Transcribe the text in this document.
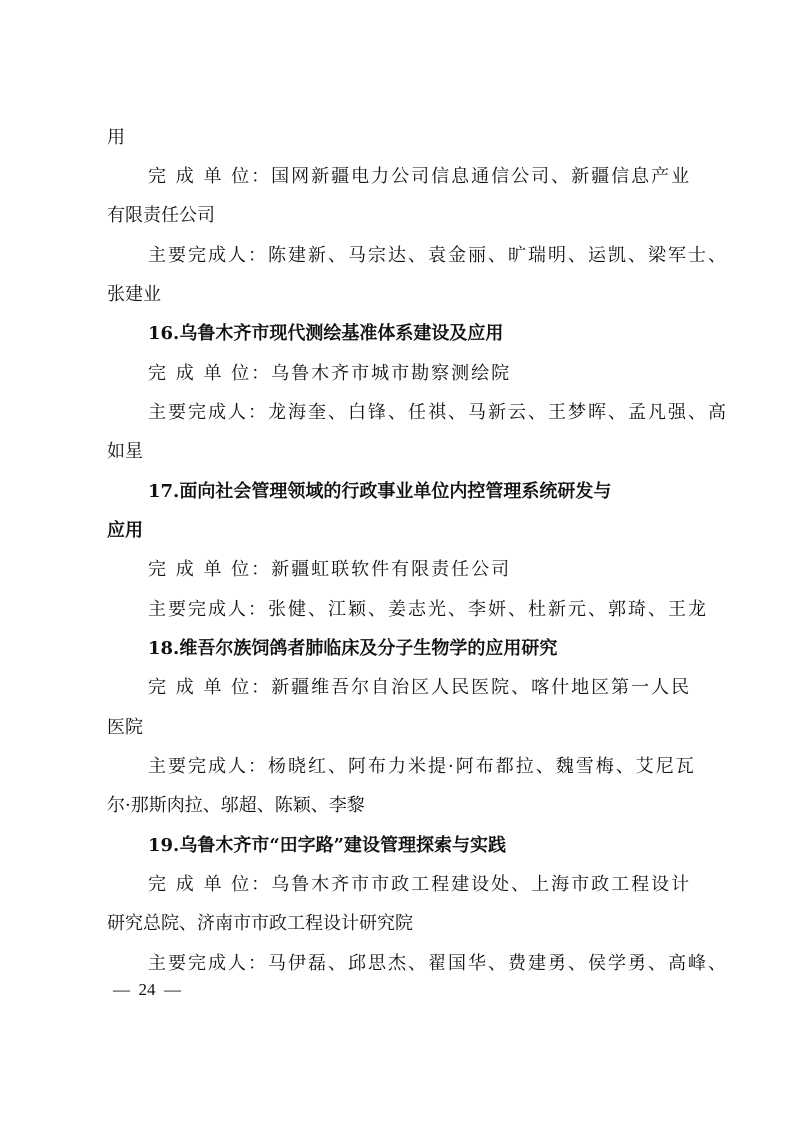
用
完 成 单 位：国网新疆电力公司信息通信公司、新疆信息产业
有限责任公司
主要完成人：陈建新、马宗达、袁金丽、旷瑞明、运凯、梁军士、
张建业
16.乌鲁木齐市现代测绘基准体系建设及应用
完 成 单 位：乌鲁木齐市城市勘察测绘院
主要完成人：龙海奎、白锋、任祺、马新云、王梦晖、孟凡强、高
如星
17.面向社会管理领域的行政事业单位内控管理系统研发与
应用
完 成 单 位：新疆虹联软件有限责任公司
主要完成人：张健、江颖、姜志光、李妍、杜新元、郭琦、王龙
18.维吾尔族饲鸽者肺临床及分子生物学的应用研究
完 成 单 位：新疆维吾尔自治区人民医院、喀什地区第一人民
医院
主要完成人：杨晓红、阿布力米提·阿布都拉、魏雪梅、艾尼瓦
尔·那斯肉拉、邬超、陈颖、李黎
19.乌鲁木齐市“田字路”建设管理探索与实践
完 成 单 位：乌鲁木齐市市政工程建设处、上海市政工程设计
研究总院、济南市市政工程设计研究院
主要完成人：马伊磊、邱思杰、翟国华、费建勇、侯学勇、高峰、
—  24  —
